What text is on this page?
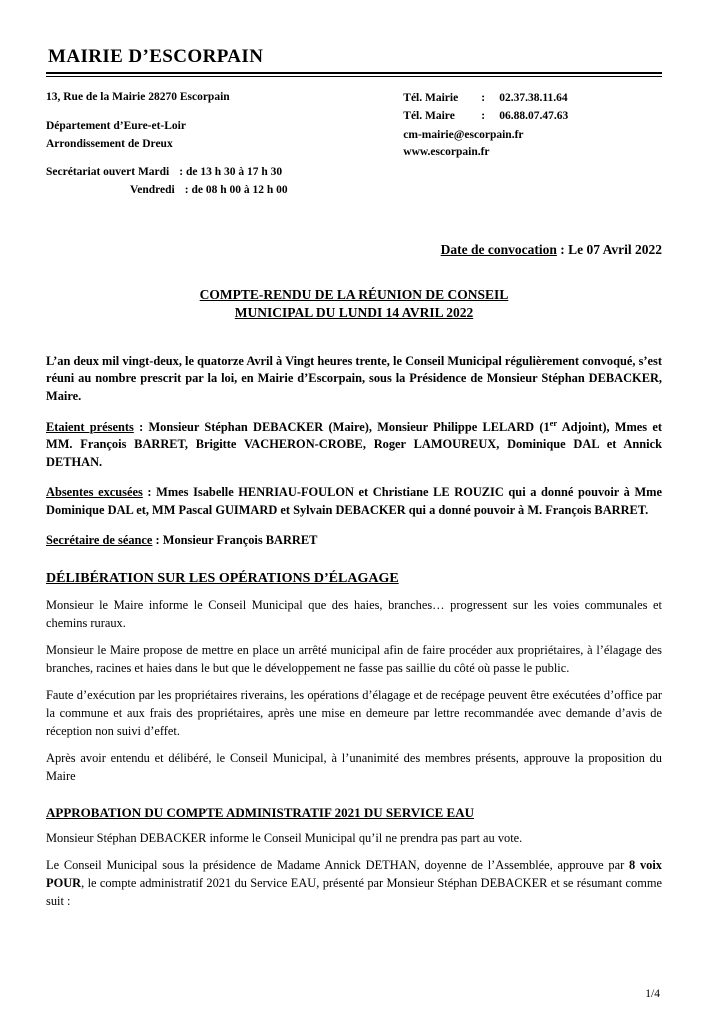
MAIRIE D’ESCORPAIN
13, Rue de la Mairie 28270 Escorpain
Département d’Eure-et-Loir
Arrondissement de Dreux
Secrétariat ouvert Mardi : de 13 h 30 à 17 h 30
Vendredi : de 08 h 00 à 12 h 00
Tél. Mairie	:	02.37.38.11.64
Tél. Maire	:	06.88.07.47.63
cm-mairie@escorpain.fr
www.escorpain.fr
Date de convocation : Le 07 Avril 2022
COMPTE-RENDU DE LA RÉUNION DE CONSEIL
MUNICIPAL DU LUNDI 14 AVRIL 2022

L’an deux mil vingt-deux, le quatorze Avril à Vingt heures trente, le Conseil Municipal régulièrement convoqué, s’est réuni au nombre prescrit par la loi, en Mairie d’Escorpain, sous la Présidence de Monsieur Stéphan DEBACKER, Maire.

Etaient présents : Monsieur Stéphan DEBACKER (Maire), Monsieur Philippe LELARD (1er Adjoint), Mmes et MM. François BARRET, Brigitte VACHERON-CROBE, Roger LAMOUREUX, Dominique DAL et Annick DETHAN.

Absentes excusées : Mmes Isabelle HENRIAU-FOULON et Christiane LE ROUZIC qui a donné pouvoir à Mme Dominique DAL et, MM Pascal GUIMARD et Sylvain DEBACKER qui a donné pouvoir à M. François BARRET.

Secrétaire de séance : Monsieur François BARRET

DÉLIBÉRATION SUR LES OPÉRATIONS D’ÉLAGAGE

Monsieur le Maire informe le Conseil Municipal que des haies, branches… progressent sur les voies communales et chemins ruraux.

Monsieur le Maire propose de mettre en place un arrêté municipal afin de faire procéder aux propriétaires, à l’élagage des branches, racines et haies dans le but que le développement ne fasse pas saillie du côté où passe le public.

Faute d’exécution par les propriétaires riverains, les opérations d’élagage et de recépage peuvent être exécutées d’office par la commune et aux frais des propriétaires, après une mise en demeure par lettre recommandée avec demande d’avis de réception non suivi d’effet.

Après avoir entendu et délibéré, le Conseil Municipal, à l’unanimité des membres présents, approuve la proposition du Maire

APPROBATION DU COMPTE ADMINISTRATIF 2021 DU SERVICE EAU

Monsieur Stéphan DEBACKER informe le Conseil Municipal qu’il ne prendra pas part au vote.

Le Conseil Municipal sous la présidence de Madame Annick DETHAN, doyenne de l’Assemblée, approuve par 8 voix POUR, le compte administratif 2021 du Service EAU, présenté par Monsieur Stéphan DEBACKER et se résumant comme suit :

1/4
